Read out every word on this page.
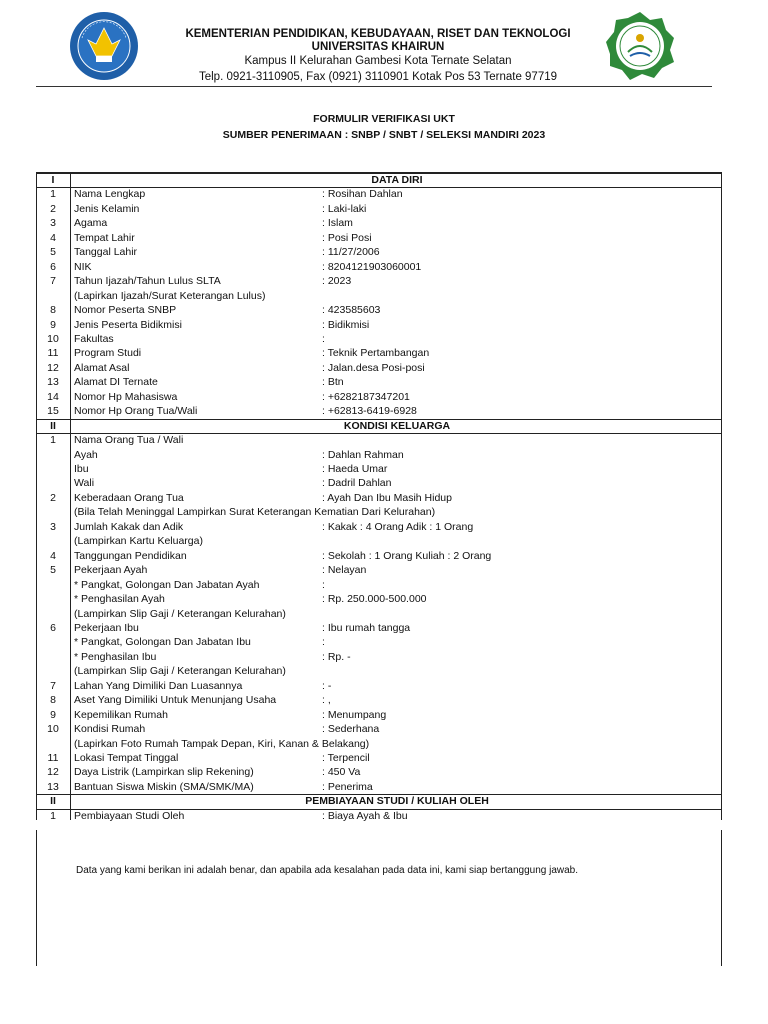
KEMENTERIAN PENDIDIKAN, KEBUDAYAAN, RISET DAN TEKNOLOGI
UNIVERSITAS KHAIRUN
Kampus II Kelurahan Gambesi Kota Ternate Selatan
Telp. 0921-3110905, Fax (0921) 3110901 Kotak Pos 53 Ternate 97719
FORMULIR VERIFIKASI UKT
SUMBER PENERIMAAN : SNBP / SNBT / SELEKSI MANDIRI 2023
I	DATA DIRI
1	Nama Lengkap	: Rosihan Dahlan
2	Jenis Kelamin	: Laki-laki
3	Agama	: Islam
4	Tempat Lahir	: Posi Posi
5	Tanggal Lahir	: 11/27/2006
6	NIK	: 8204121903060001
7	Tahun Ijazah/Tahun Lulus SLTA	: 2023
(Lapirkan Ijazah/Surat Keterangan Lulus)
8	Nomor Peserta SNBP	: 423585603
9	Jenis Peserta Bidikmisi	: Bidikmisi
10	Fakultas	:
11	Program Studi	: Teknik Pertambangan
12	Alamat Asal	: Jalan.desa Posi-posi
13	Alamat DI Ternate	: Btn
14	Nomor Hp Mahasiswa	: +6282187347201
15	Nomor Hp Orang Tua/Wali	: +62813-6419-6928
II	KONDISI KELUARGA
1	Nama Orang Tua / Wali
Ayah	: Dahlan Rahman
Ibu	: Haeda Umar
Wali	: Dadril Dahlan
2	Keberadaan Orang Tua	: Ayah Dan Ibu Masih Hidup
(Bila Telah Meninggal Lampirkan Surat Keterangan Kematian Dari Kelurahan)
3	Jumlah Kakak dan Adik	: Kakak : 4 Orang Adik : 1 Orang
(Lampirkan Kartu Keluarga)
4	Tanggungan Pendidikan	: Sekolah : 1 Orang Kuliah : 2 Orang
5	Pekerjaan Ayah	: Nelayan
* Pangkat, Golongan Dan Jabatan Ayah	:
* Penghasilan Ayah	: Rp. 250.000-500.000
(Lampirkan Slip Gaji / Keterangan Kelurahan)
6	Pekerjaan Ibu	: Ibu rumah tangga
* Pangkat, Golongan Dan Jabatan Ibu	:
* Penghasilan Ibu	: Rp. -
(Lampirkan Slip Gaji / Keterangan Kelurahan)
7	Lahan Yang Dimiliki Dan Luasannya	: -
8	Aset Yang Dimiliki Untuk Menunjang Usaha	: ,
9	Kepemilikan Rumah	: Menumpang
10	Kondisi Rumah	: Sederhana
(Lapirkan Foto Rumah Tampak Depan, Kiri, Kanan & Belakang)
11	Lokasi Tempat Tinggal	: Terpencil
12	Daya Listrik (Lampirkan slip Rekening)	: 450 Va
13	Bantuan Siswa Miskin (SMA/SMK/MA)	: Penerima
II	PEMBIAYAAN STUDI / KULIAH OLEH
1	Pembiayaan Studi Oleh	: Biaya Ayah & Ibu
Data yang kami berikan ini adalah benar, dan apabila ada kesalahan pada data ini, kami siap bertanggung jawab.
